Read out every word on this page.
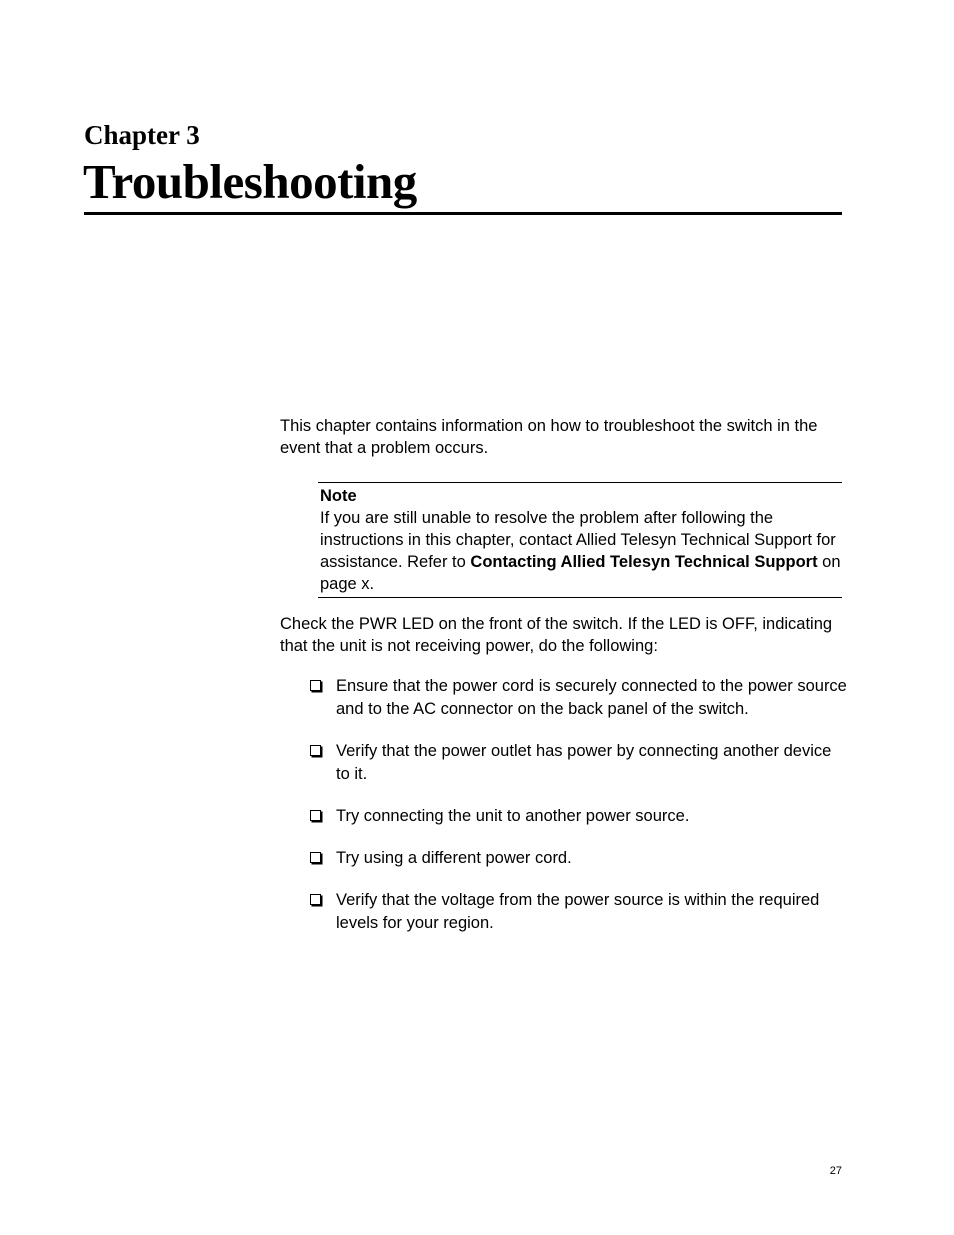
Chapter 3
Troubleshooting

This chapter contains information on how to troubleshoot the switch in the event that a problem occurs.

Note

If you are still unable to resolve the problem after following the instructions in this chapter, contact Allied Telesyn Technical Support for assistance. Refer to Contacting Allied Telesyn Technical Support on page x.

Check the PWR LED on the front of the switch. If the LED is OFF, indicating that the unit is not receiving power, do the following:

Ensure that the power cord is securely connected to the power source and to the AC connector on the back panel of the switch.
Verify that the power outlet has power by connecting another device to it.
Try connecting the unit to another power source.
Try using a different power cord.
Verify that the voltage from the power source is within the required levels for your region.
27
